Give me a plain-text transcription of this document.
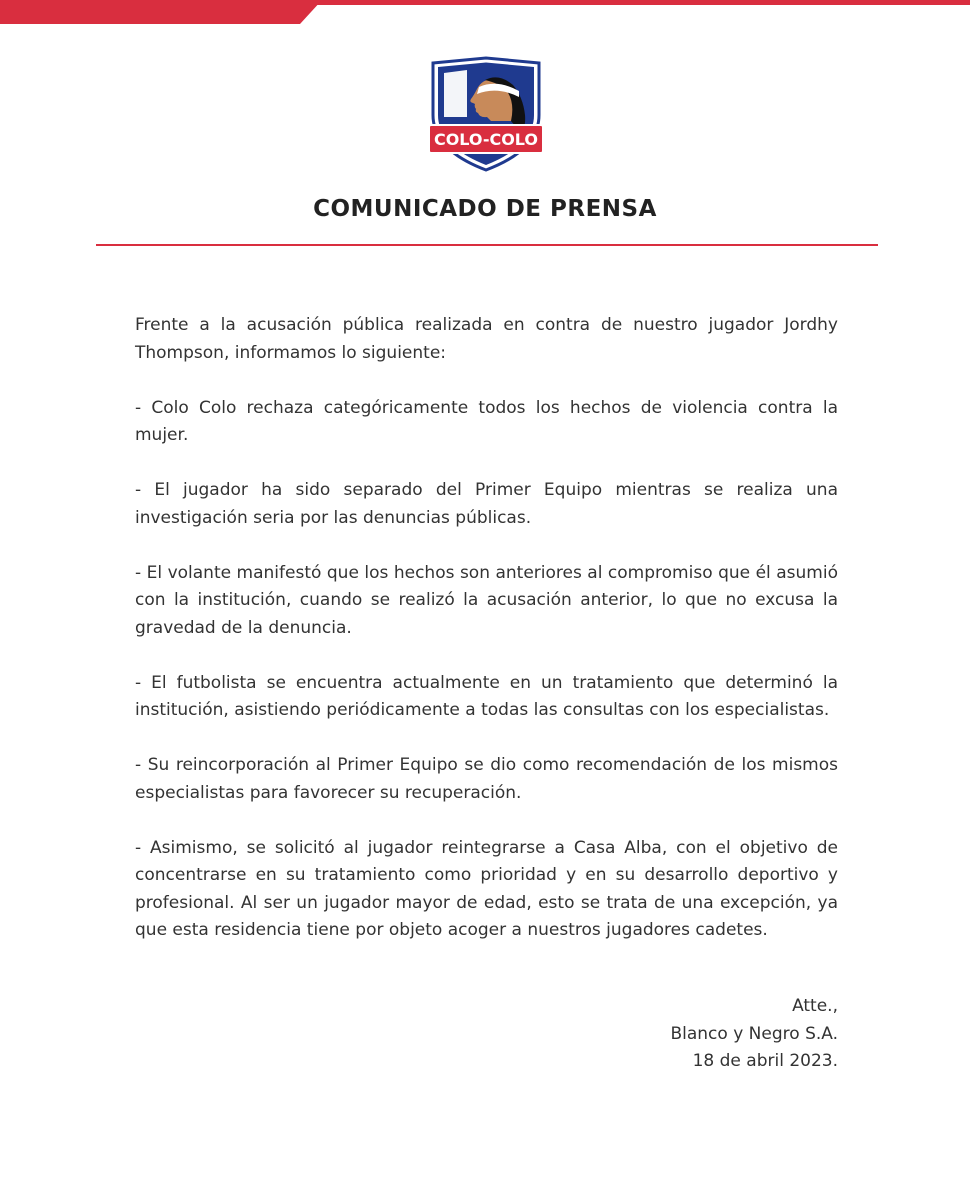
COLO-COLO
COMUNICADO DE PRENSA

Frente a la acusación pública realizada en contra de nuestro jugador Jordhy Thompson, informamos lo siguiente:

- Colo Colo rechaza categóricamente todos los hechos de violencia contra la mujer.

- El jugador ha sido separado del Primer Equipo mientras se realiza una investigación seria por las denuncias públicas.

- El volante manifestó que los hechos son anteriores al compromiso que él asumió con la institución, cuando se realizó la acusación anterior, lo que no excusa la gravedad de la denuncia.

- El futbolista se encuentra actualmente en un tratamiento que determinó la institución, asistiendo periódicamente a todas las consultas con los especialistas.

- Su reincorporación al Primer Equipo se dio como recomendación de los mismos especialistas para favorecer su recuperación.

- Asimismo, se solicitó al jugador reintegrarse a Casa Alba, con el objetivo de concentrarse en su tratamiento como prioridad y en su desarrollo deportivo y profesional. Al ser un jugador mayor de edad, esto se trata de una excepción, ya que esta residencia tiene por objeto acoger a nuestros jugadores cadetes.

Atte.,
Blanco y Negro S.A.
18 de abril 2023.
